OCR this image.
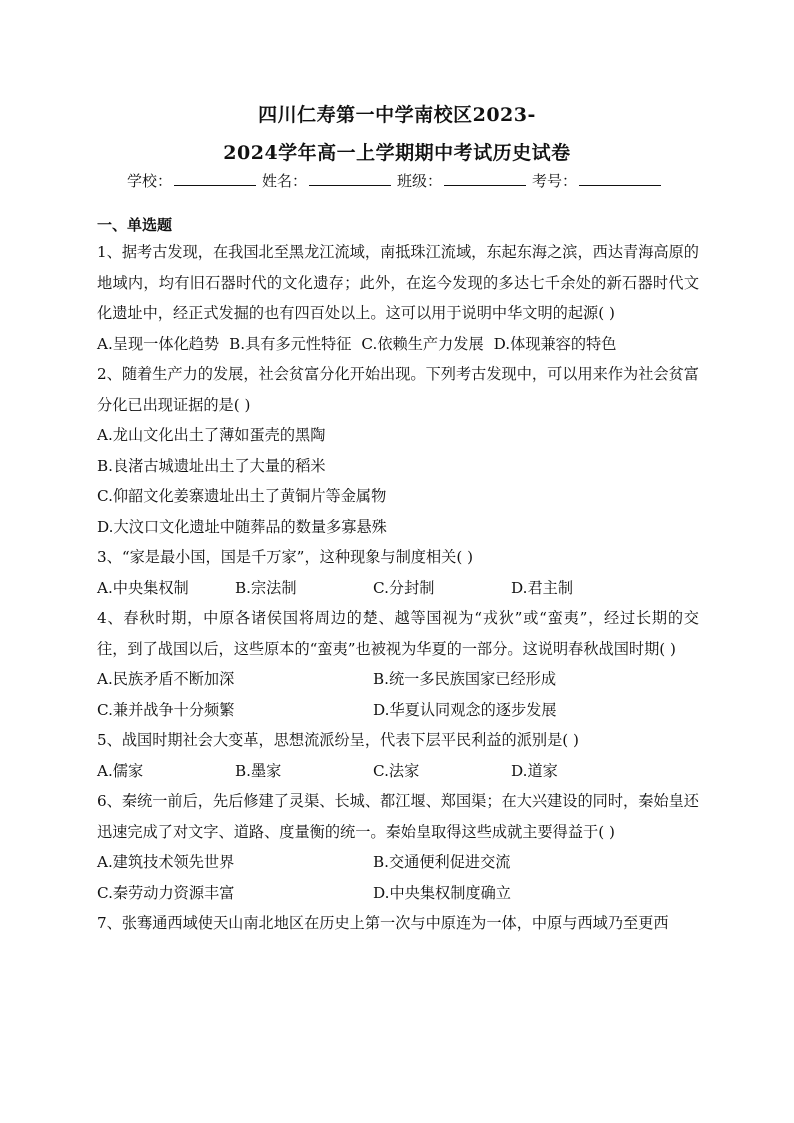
四川仁寿第一中学南校区2023-
2024学年高一上学期期中考试历史试卷
学校：	姓名：	班级：	考号：
一、单选题

1、据考古发现，在我国北至黑龙江流域，南抵珠江流域，东起东海之滨，西达青海高原的地域内，均有旧石器时代的文化遗存；此外，在迄今发现的多达七千余处的新石器时代文化遗址中，经正式发掘的也有四百处以上。这可以用于说明中华文明的起源( )

A.呈现一体化趋势 B.具有多元性特征 C.依赖生产力发展 D.体现兼容的特色

2、随着生产力的发展，社会贫富分化开始出现。下列考古发现中，可以用来作为社会贫富分化已出现证据的是( )

A.龙山文化出土了薄如蛋壳的黑陶
B.良渚古城遗址出土了大量的稻米
C.仰韶文化姜寨遗址出土了黄铜片等金属物
D.大汶口文化遗址中随葬品的数量多寡悬殊

3、“家是最小国，国是千万家”，这种现象与制度相关( )

A.中央集权制	B.宗法制	C.分封制	D.君主制

4、春秋时期，中原各诸侯国将周边的楚、越等国视为“戎狄”或“蛮夷”，经过长期的交往，到了战国以后，这些原本的“蛮夷”也被视为华夏的一部分。这说明春秋战国时期( )

A.民族矛盾不断加深	B.统一多民族国家已经形成
C.兼并战争十分频繁	D.华夏认同观念的逐步发展

5、战国时期社会大变革，思想流派纷呈，代表下层平民利益的派别是( )

A.儒家	B.墨家	C.法家	D.道家

6、秦统一前后，先后修建了灵渠、长城、都江堰、郑国渠；在大兴建设的同时，秦始皇还迅速完成了对文字、道路、度量衡的统一。秦始皇取得这些成就主要得益于( )

A.建筑技术领先世界	B.交通便利促进交流
C.秦劳动力资源丰富	D.中央集权制度确立

7、张骞通西域使天山南北地区在历史上第一次与中原连为一体，中原与西域乃至更西
